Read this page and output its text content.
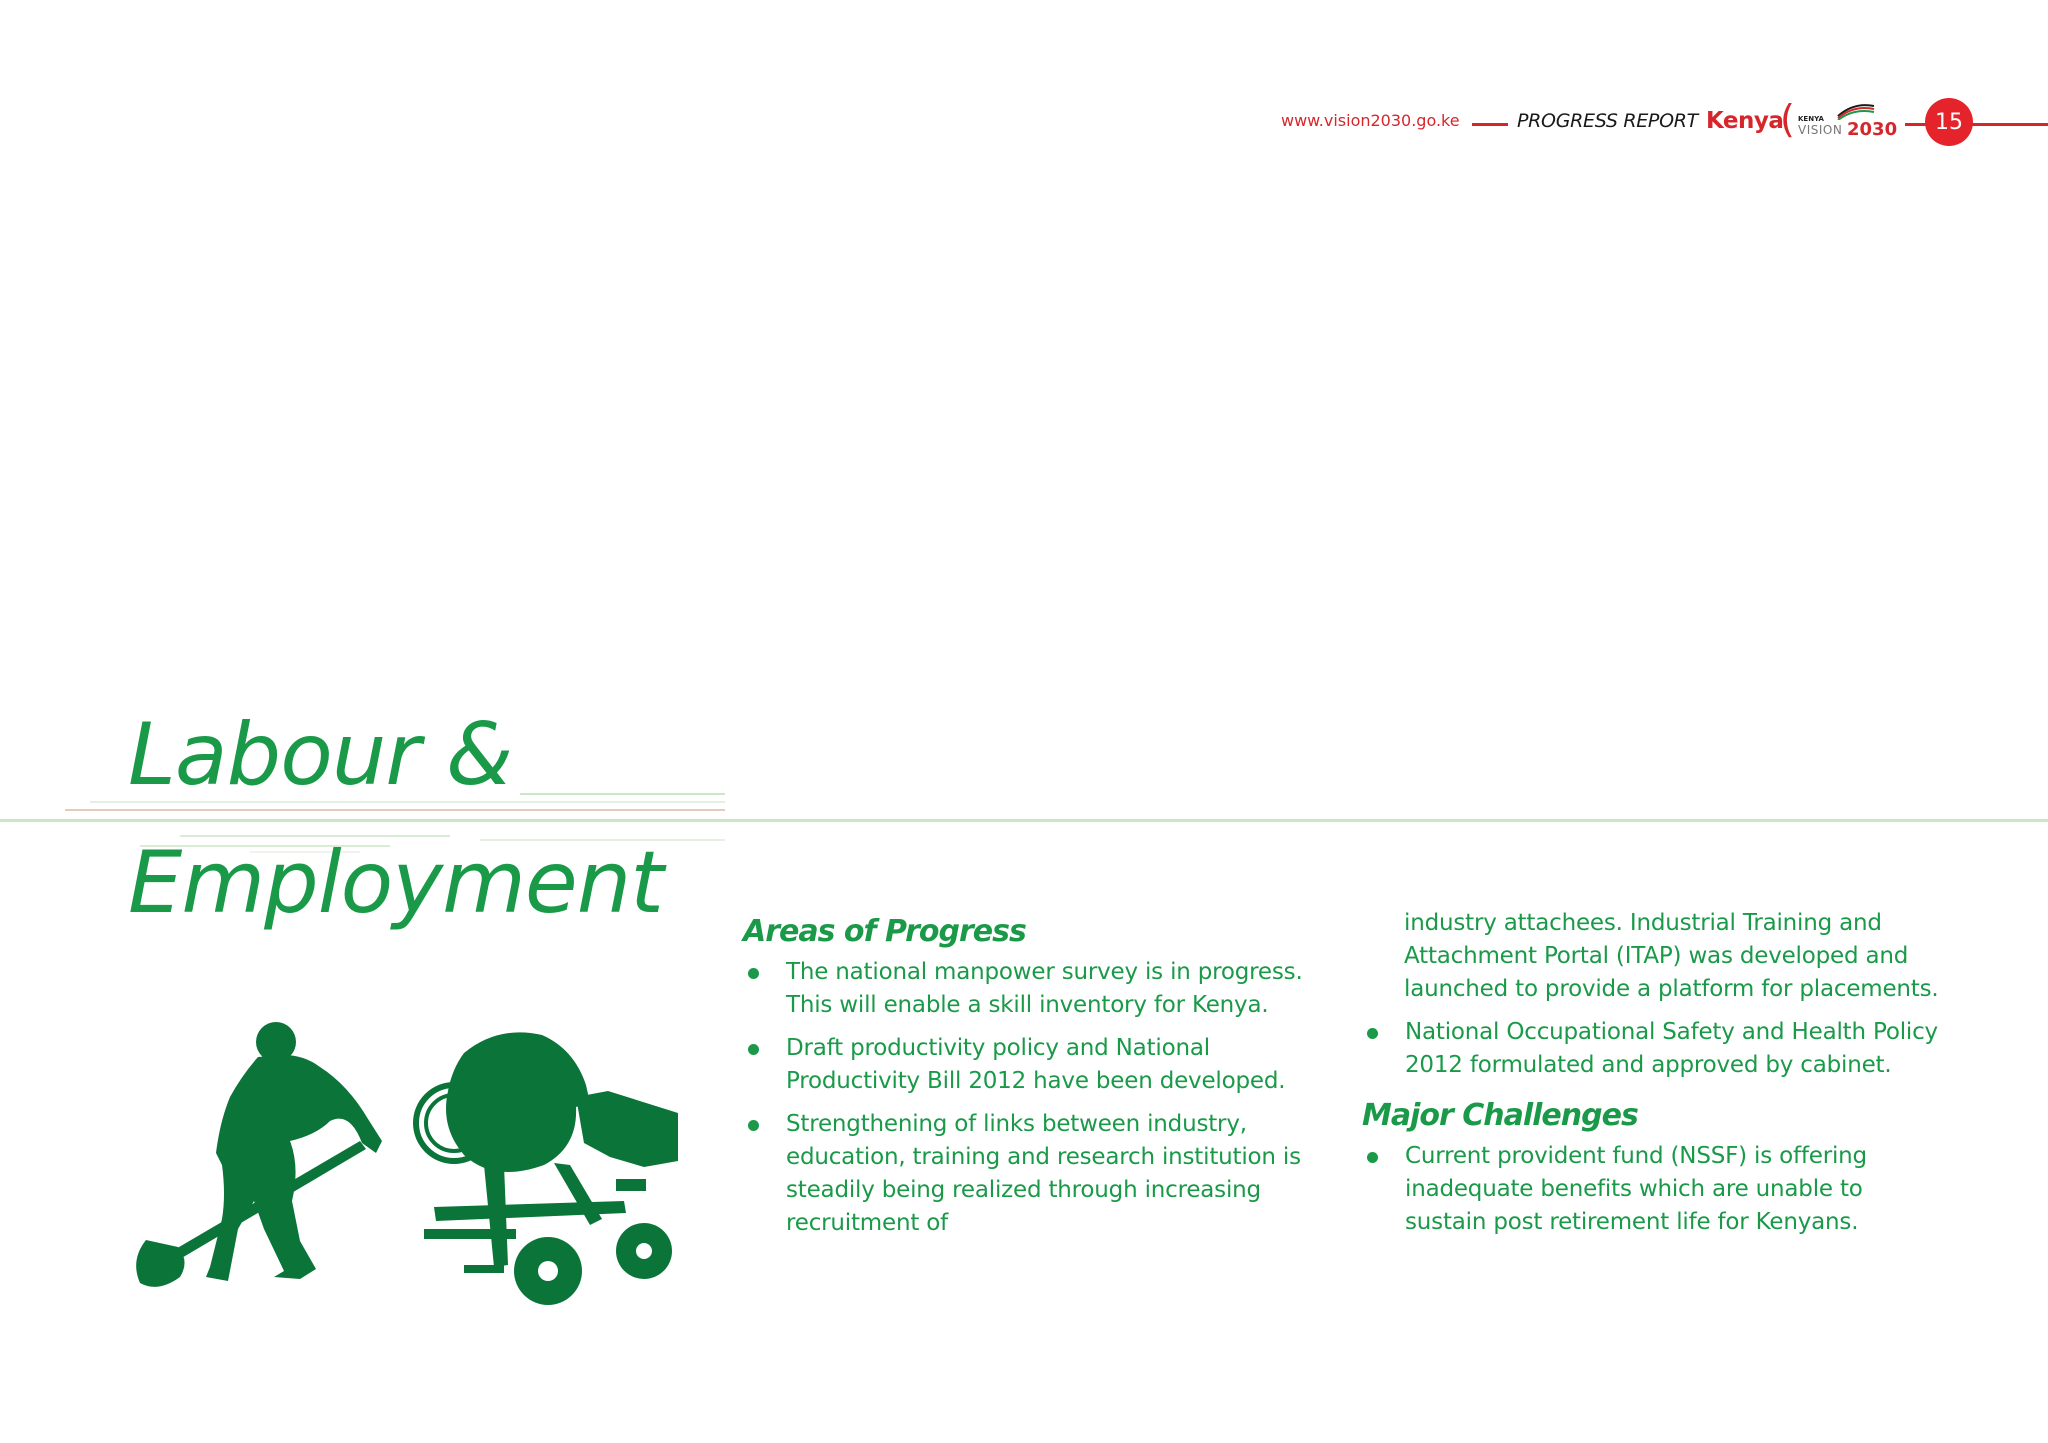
www.vision2030.go.ke	PROGRESS REPORT Kenya
( KENYA
VISION 2030	15
Labour &
Employment	Areas of Progress
The national manpower survey is in progress. This will enable a skill inventory for Kenya.
Draft productivity policy and National Productivity Bill 2012 have been developed.
Strengthening of links between industry, education, training and research institution is steadily being realized through increasing recruitment of

industry attachees. Industrial Training and Attachment Portal (ITAP) was developed and launched to provide a platform for placements.

National Occupational Safety and Health Policy 2012 formulated and approved by cabinet.
Major Challenges
Current provident fund (NSSF) is offering inadequate benefits which are unable to sustain post retirement life for Kenyans.
